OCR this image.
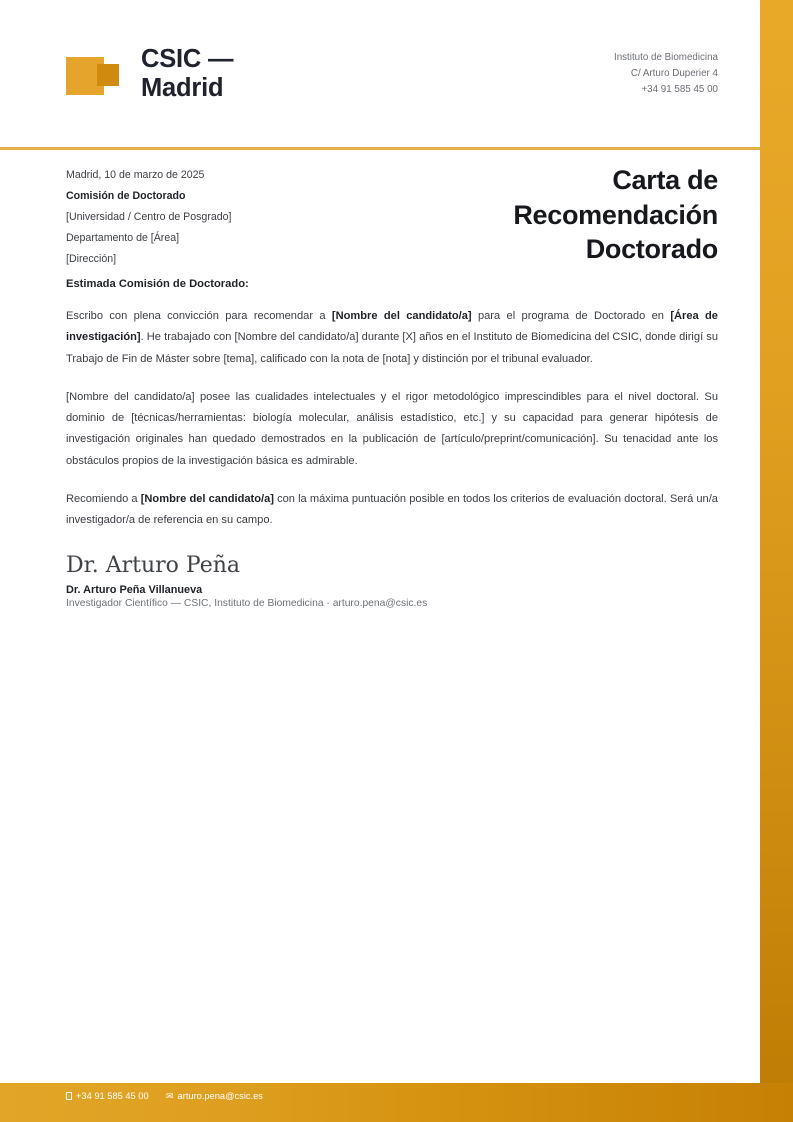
CSIC — Madrid
Instituto de Biomedicina
C/ Arturo Duperier 4
+34 91 585 45 00
Madrid, 10 de marzo de 2025
Comisión de Doctorado
[Universidad / Centro de Posgrado]
Departamento de [Área]
[Dirección]
Carta de Recomendación Doctorado

Estimada Comisión de Doctorado:

Escribo con plena convicción para recomendar a [Nombre del candidato/a] para el programa de Doctorado en [Área de investigación]. He trabajado con [Nombre del candidato/a] durante [X] años en el Instituto de Biomedicina del CSIC, donde dirigí su Trabajo de Fin de Máster sobre [tema], calificado con la nota de [nota] y distinción por el tribunal evaluador.

[Nombre del candidato/a] posee las cualidades intelectuales y el rigor metodológico imprescindibles para el nivel doctoral. Su dominio de [técnicas/herramientas: biología molecular, análisis estadístico, etc.] y su capacidad para generar hipótesis de investigación originales han quedado demostrados en la publicación de [artículo/preprint/comunicación]. Su tenacidad ante los obstáculos propios de la investigación básica es admirable.

Recomiendo a [Nombre del candidato/a] con la máxima puntuación posible en todos los criterios de evaluación doctoral. Será un/a investigador/a de referencia en su campo.

Dr. Arturo Peña

Dr. Arturo Peña Villanueva

Investigador Científico — CSIC, Instituto de Biomedicina · arturo.pena@csic.es

+34 91 585 45 00 ✉ arturo.pena@csic.es
